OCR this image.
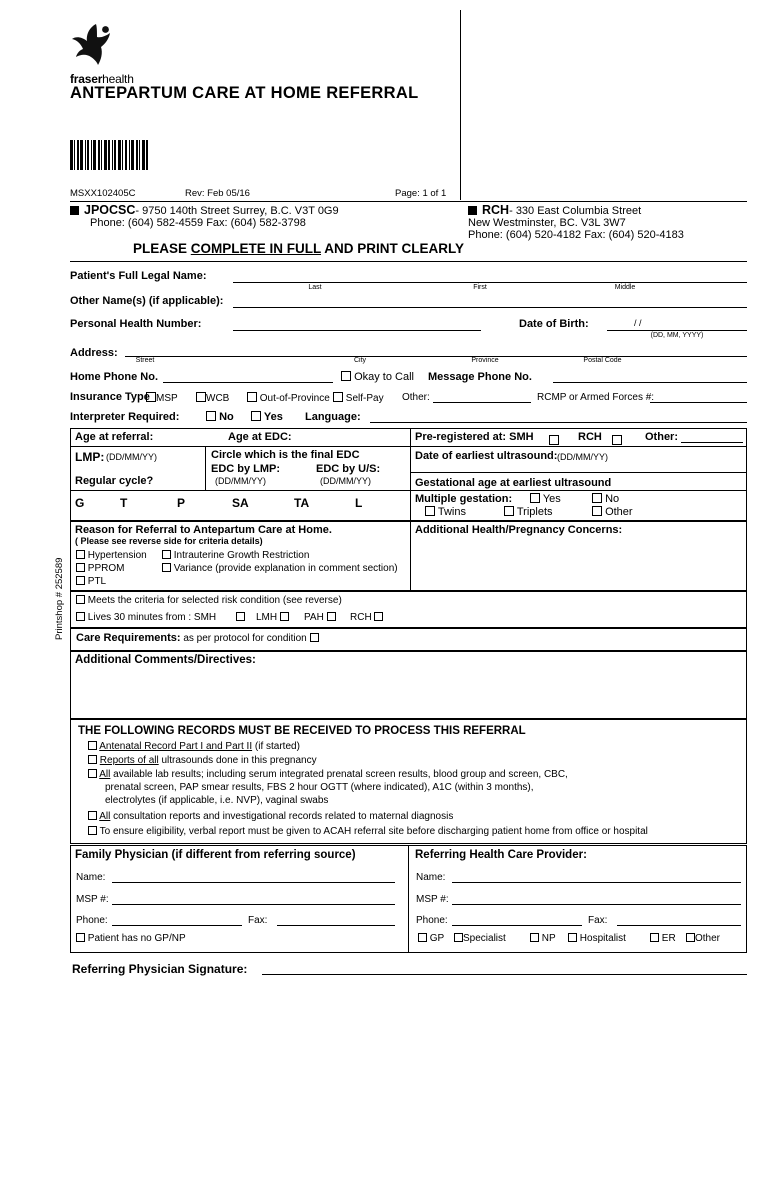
fraserhealth
ANTEPARTUM CARE AT HOME REFERRAL
MSXX102405C	Rev: Feb 05/16	Page: 1 of 1
JPOCSC- 9750 140th Street Surrey, B.C. V3T 0G9
Phone: (604) 582-4559 Fax: (604) 582-3798
RCH- 330 East Columbia Street
New Westminster, BC. V3L 3W7
Phone: (604) 520-4182 Fax: (604) 520-4183
PLEASE COMPLETE IN FULL AND PRINT CLEARLY
Patient's Full Legal Name:
Last	First	Middle
Other Name(s) (if applicable):
Personal Health Number:	Date of Birth:	/ /
(DD, MM, YYYY)
Address:
Street	City	Province	Postal Code
Home Phone No.	Okay to Call Message Phone No.
Insurance Type MSP	WCB	Out-of-Province	Self-Pay Other:	RCMP or Armed Forces #:
Interpreter Required:	No	Yes Language:
Age at referral:	Age at EDC:	Pre-registered at: SMH	RCH	Other:
LMP: (DD/MM/YY)
Regular cycle?
Circle which is the final EDC
EDC by LMP:	EDC by U/S:
(DD/MM/YY)	(DD/MM/YY)
Date of earliest ultrasound: (DD/MM/YY)
Gestational age at earliest ultrasound
G	T	P	SA	TA	L	Multiple gestation:	Yes	No
Twins	Triplets	Other
Reason for Referral to Antepartum Care at Home.
( Please see reverse side for criteria details)
Hypertension
PPROM
PTL
Intrauterine Growth Restriction
Variance (provide explanation in comment section)
Additional Health/Pregnancy Concerns:
Meets the criteria for selected risk condition (see reverse)
Lives 30 minutes from : SMH	LMH	PAH	RCH
Care Requirements: as per protocol for condition
Additional Comments/Directives:
THE FOLLOWING RECORDS MUST BE RECEIVED TO PROCESS THIS REFERRAL
Antenatal Record Part I and Part II (if started)
Reports of all ultrasounds done in this pregnancy
All available lab results; including serum integrated prenatal screen results, blood group and screen, CBC,
prenatal screen, PAP smear results, FBS 2 hour OGTT (where indicated), A1C (within 3 months),
electrolytes (if applicable, i.e. NVP), vaginal swabs
All consultation reports and investigational records related to maternal diagnosis
To ensure eligibility, verbal report must be given to ACAH referral site before discharging patient home from office or hospital
Family Physician (if different from referring source)
Name:
MSP #:
Phone:	Fax:
Patient has no GP/NP
Referring Health Care Provider:
Name:
MSP #:
Phone:	Fax:
GP	Specialist	NP	Hospitalist	ER	Other
Referring Physician Signature:
Printshop # 252589
